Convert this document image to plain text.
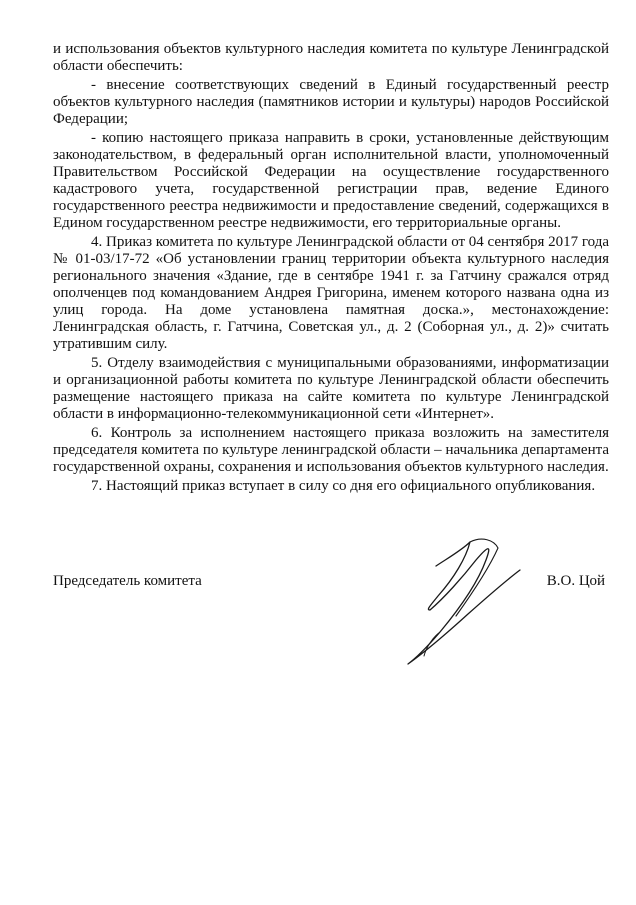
и использования объектов культурного наследия комитета по культуре Ленинградской области обеспечить:

- внесение соответствующих сведений в Единый государственный реестр объектов культурного наследия (памятников истории и культуры) народов Российской Федерации;

- копию настоящего приказа направить в сроки, установленные действующим законодательством, в федеральный орган исполнительной власти, уполномоченный Правительством Российской Федерации на осуществление государственного кадастрового учета, государственной регистрации прав, ведение Единого государственного реестра недвижимости и предоставление сведений, содержащихся в Едином государственном реестре недвижимости, его территориальные органы.

4. Приказ комитета по культуре Ленинградской области от 04 сентября 2017 года № 01-03/17-72 «Об установлении границ территории объекта культурного наследия регионального значения «Здание, где в сентябре 1941 г. за Гатчину сражался отряд ополченцев под командованием Андрея Григорина, именем которого названа одна из улиц города. На доме установлена памятная доска.», местонахождение: Ленинградская область, г. Гатчина, Советская ул., д. 2 (Соборная ул., д. 2)» считать утратившим силу.

5. Отделу взаимодействия с муниципальными образованиями, информатизации и организационной работы комитета по культуре Ленинградской области обеспечить размещение настоящего приказа на сайте комитета по культуре Ленинградской области в информационно-телекоммуникационной сети «Интернет».

6. Контроль за исполнением настоящего приказа возложить на заместителя председателя комитета по культуре ленинградской области – начальника департамента государственной охраны, сохранения и использования объектов культурного наследия.

7. Настоящий приказ вступает в силу со дня его официального опубликования.

Председатель комитета	В.О. Цой
